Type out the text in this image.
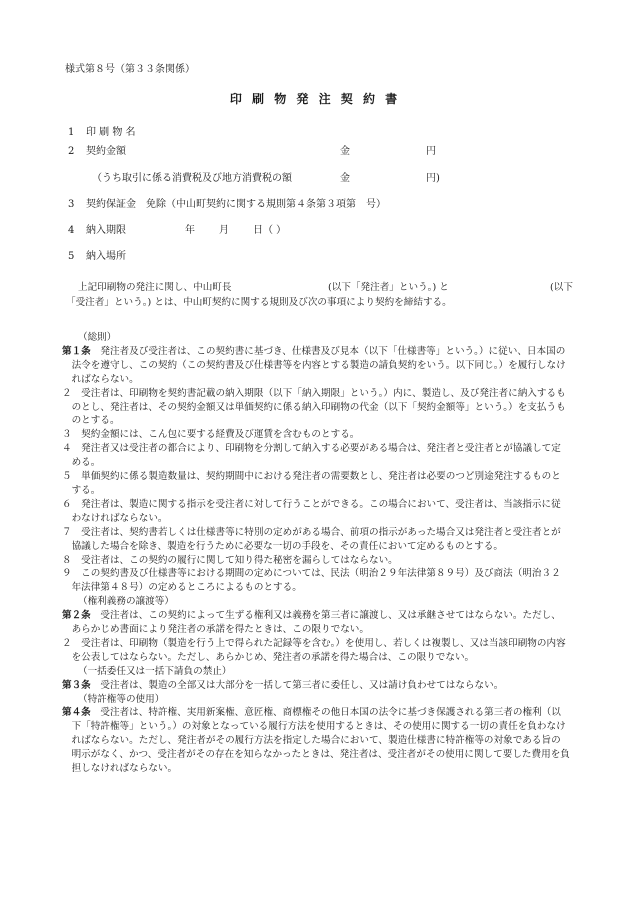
様式第８号（第３３条関係）
印 刷 物 発 注 契 約 書
1 印 刷 物 名
2 契約金額	金	円
（うち取引に係る消費税及び地方消費税の額	金	円)
3 契約保証金 免除（中山町契約に関する規則第４条第３項第　号）
4 納入期限	年 月 日（ ）
5 納入場所
上記印刷物の発注に関し、中山町長	(以下「発注者」という。) と	(以下
「受注者」という。) とは、中山町契約に関する規則及び次の事項により契約を締結する。
（総則）
第１条　発注者及び受注者は、この契約書に基づき、仕様書及び見本（以下「仕様書等」という。）に従い、日本国の法令を遵守し、この契約（この契約書及び仕様書等を内容とする製造の請負契約をいう。以下同じ。）を履行しなければならない。
２　受注者は、印刷物を契約書記載の納入期限（以下「納入期限」という。）内に、製造し、及び発注者に納入するものとし、発注者は、その契約金額又は単価契約に係る納入印刷物の代金（以下「契約金額等」という。）を支払うものとする。
３　契約金額には、こん包に要する経費及び運賃を含むものとする。
４　発注者又は受注者の都合により、印刷物を分割して納入する必要がある場合は、発注者と受注者とが協議して定める。
５　単価契約に係る製造数量は、契約期間中における発注者の需要数とし、発注者は必要のつど別途発注するものとする。
６　発注者は、製造に関する指示を受注者に対して行うことができる。この場合において、受注者は、当該指示に従わなければならない。
７　受注者は、契約書若しくは仕様書等に特別の定めがある場合、前項の指示があった場合又は発注者と受注者とが協議した場合を除き、製造を行うために必要な一切の手段を、その責任において定めるものとする。
８　受注者は、この契約の履行に関して知り得た秘密を漏らしてはならない。
９　この契約書及び仕様書等における期間の定めについては、民法（明治２９年法律第８９号）及び商法（明治３２年法律第４８号）の定めるところによるものとする。
（権利義務の譲渡等）
第２条　受注者は、この契約によって生ずる権利又は義務を第三者に譲渡し、又は承継させてはならない。ただし、あらかじめ書面により発注者の承諾を得たときは、この限りでない。
２　受注者は、印刷物（製造を行う上で得られた記録等を含む。）を使用し、若しくは複製し、又は当該印刷物の内容を公表してはならない。ただし、あらかじめ、発注者の承諾を得た場合は、この限りでない。
（一括委任又は一括下請負の禁止）
第３条　受注者は、製造の全部又は大部分を一括して第三者に委任し、又は請け負わせてはならない。
（特許権等の使用）
第４条　受注者は、特許権、実用新案権、意匠権、商標権その他日本国の法令に基づき保護される第三者の権利（以下「特許権等」という。）の対象となっている履行方法を使用するときは、その使用に関する一切の責任を負わなければならない。ただし、発注者がその履行方法を指定した場合において、製造仕様書に特許権等の対象である旨の明示がなく、かつ、受注者がその存在を知らなかったときは、発注者は、受注者がその使用に関して要した費用を負担しなければならない。
